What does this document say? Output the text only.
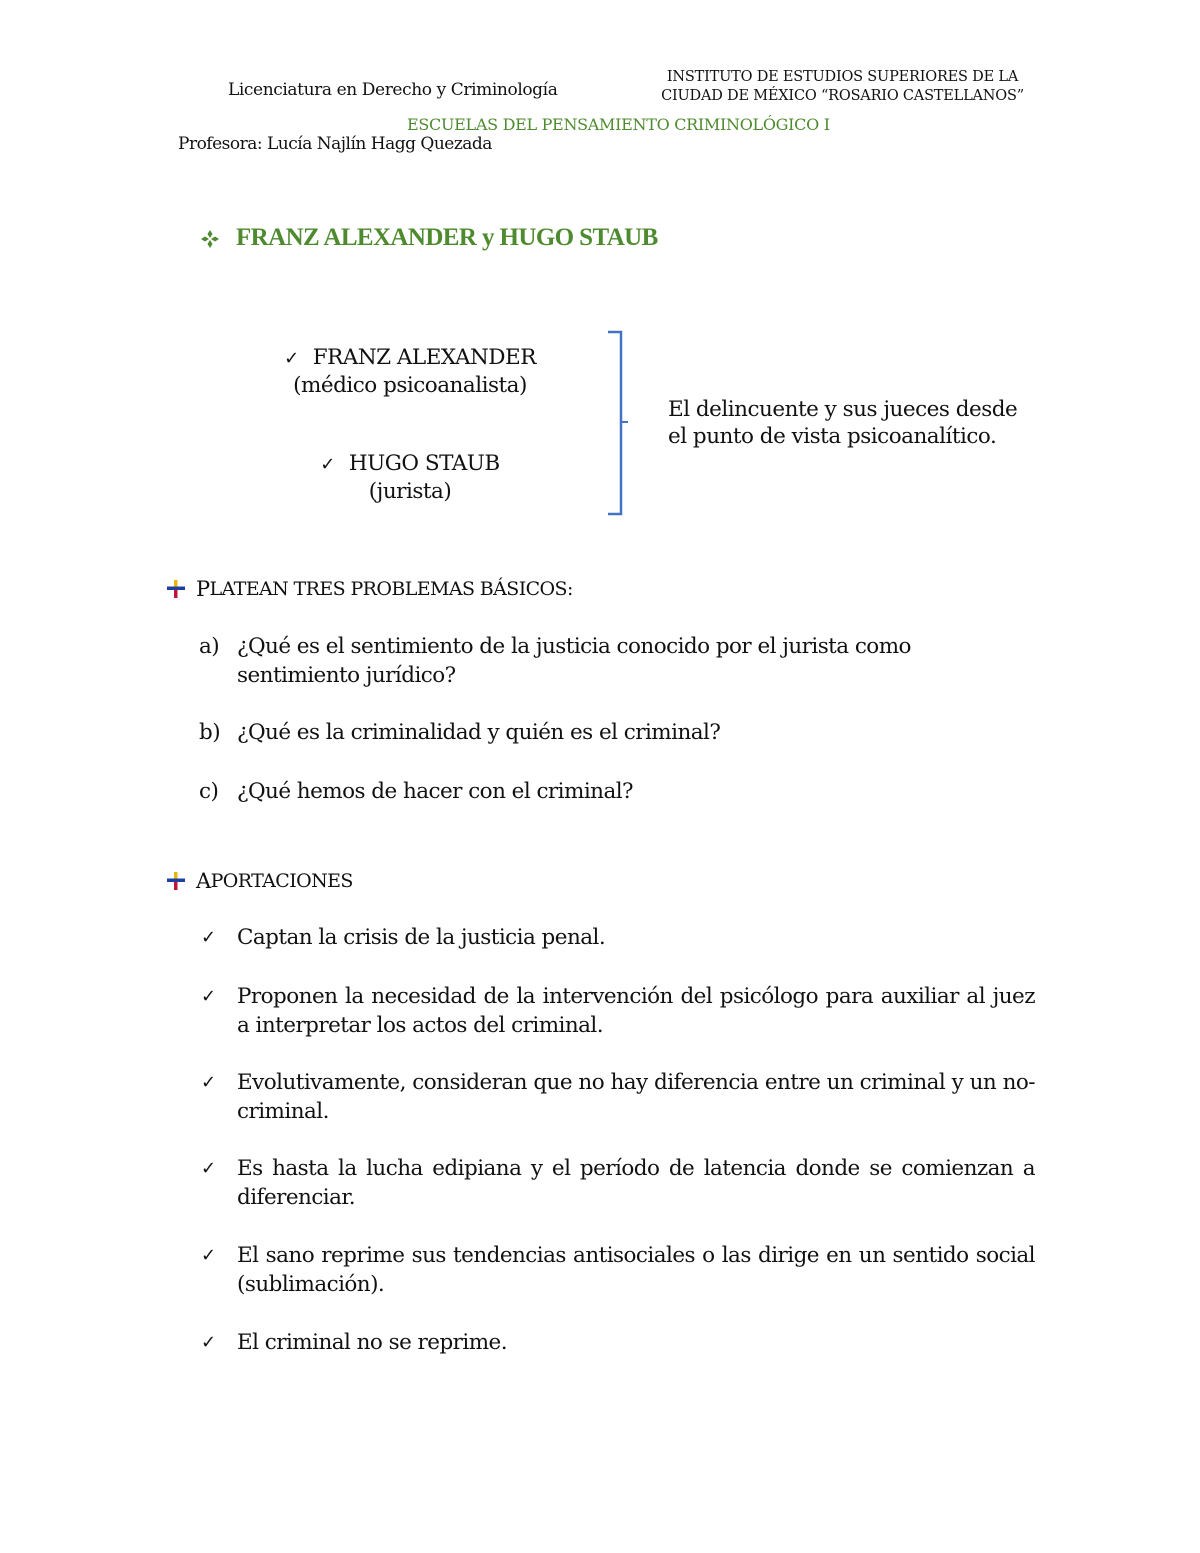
Licenciatura en Derecho y Criminología
INSTITUTO DE ESTUDIOS SUPERIORES DE LA
CIUDAD DE MÉXICO “ROSARIO CASTELLANOS”
ESCUELAS DEL PENSAMIENTO CRIMINOLÓGICO I
Profesora: Lucía Najlín Hagg Quezada
FRANZ ALEXANDER y HUGO STAUB
✓ FRANZ ALEXANDER
(médico psicoanalista)
✓ HUGO STAUB
(jurista)
El delincuente y sus jueces desde
el punto de vista psicoanalítico.
P LATEAN TRES PROBLEMAS BÁSICOS:
a) ¿Qué es el sentimiento de la justicia conocido por el jurista como sentimiento jurídico?
b) ¿Qué es la criminalidad y quién es el criminal?
c) ¿Qué hemos de hacer con el criminal?
A PORTACIONES
✓ Captan la crisis de la justicia penal.
✓ Proponen la necesidad de la intervención del psicólogo para auxiliar al juez a interpretar los actos del criminal.
✓ Evolutivamente, consideran que no hay diferencia entre un criminal y un no-criminal.
✓ Es hasta la lucha edipiana y el período de latencia donde se comienzan a diferenciar.
✓ El sano reprime sus tendencias antisociales o las dirige en un sentido social (sublimación).
✓ El criminal no se reprime.
